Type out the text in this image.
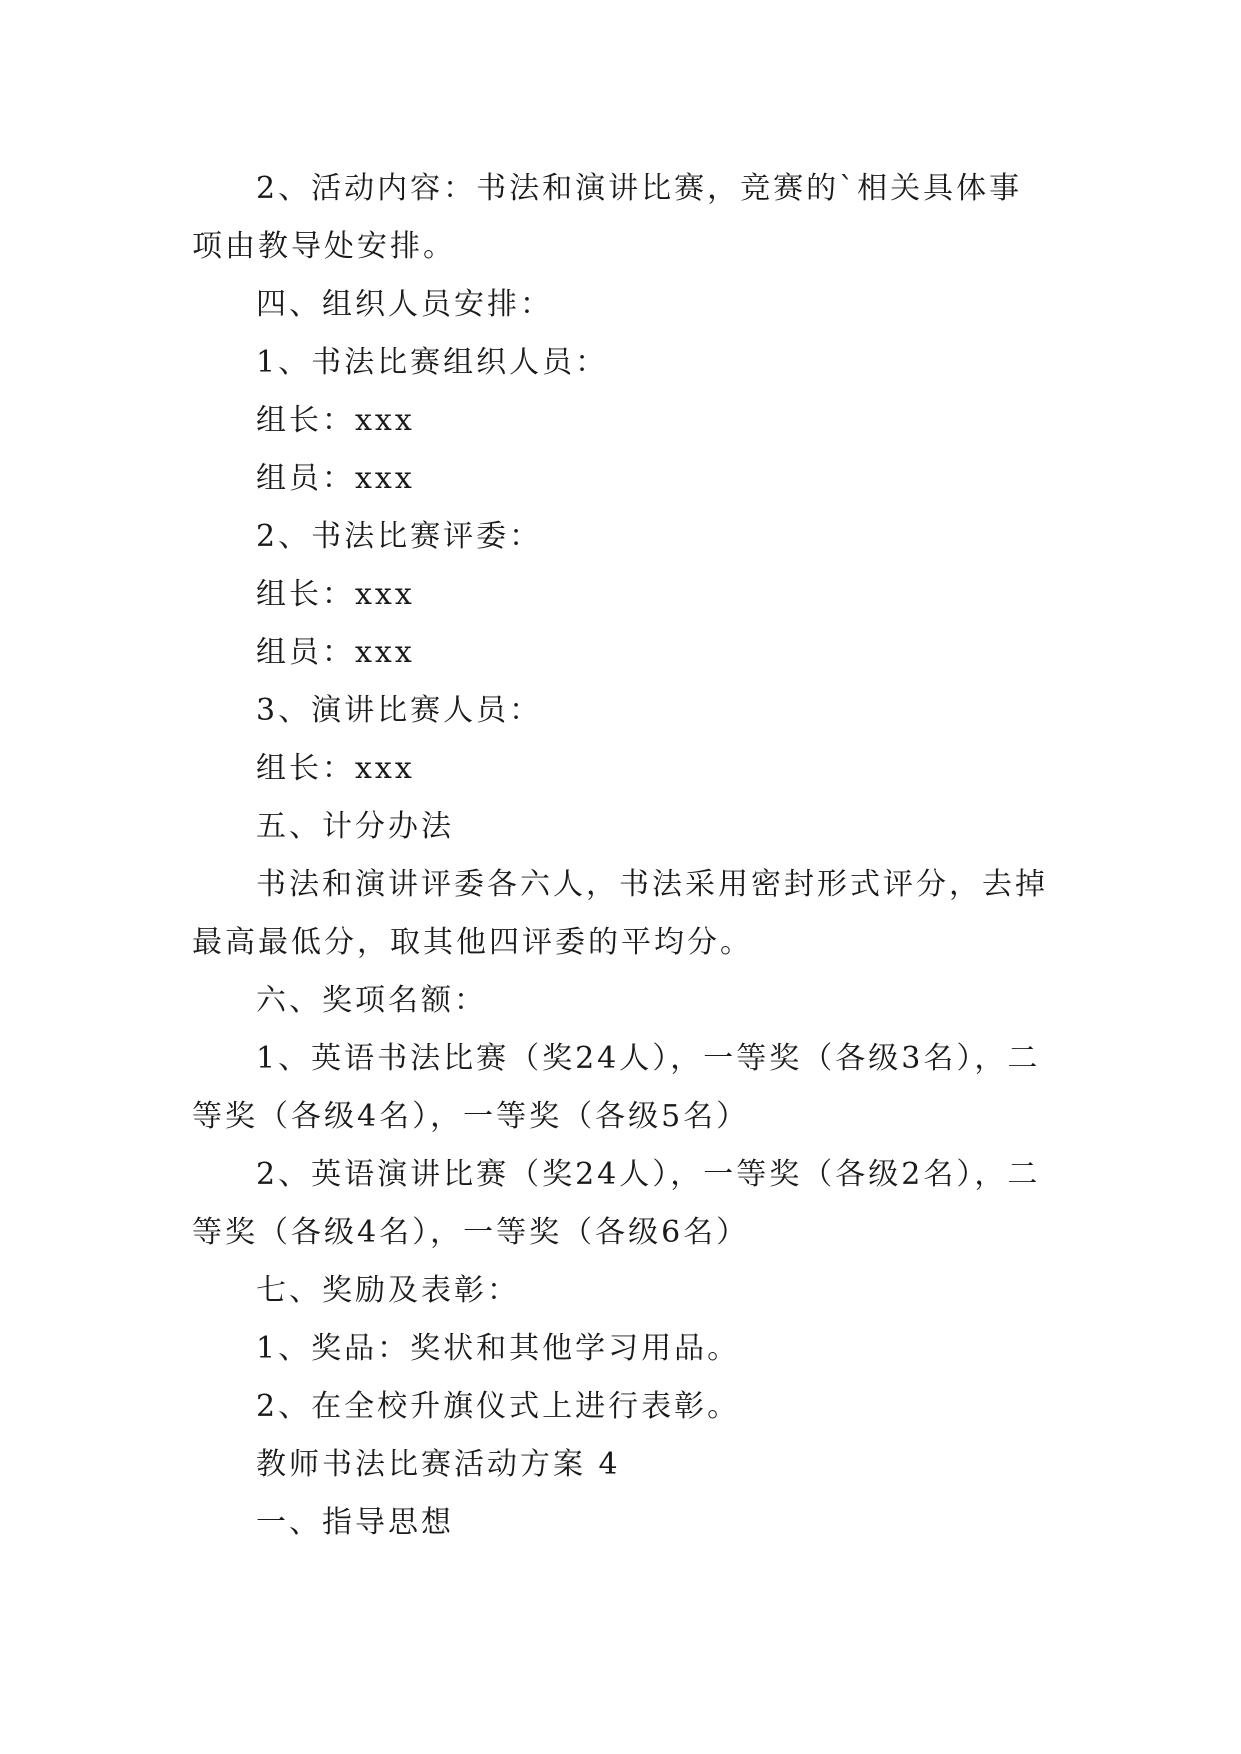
2、活动内容：书法和演讲比赛，竞赛的`相关具体事项由教导处安排。

四、组织人员安排：

1、书法比赛组织人员：

组长：xxx

组员：xxx

2、书法比赛评委：

组长：xxx

组员：xxx

3、演讲比赛人员：

组长：xxx

五、计分办法

书法和演讲评委各六人，书法采用密封形式评分，去掉最高最低分，取其他四评委的平均分。

六、奖项名额：

1、英语书法比赛（奖24人），一等奖（各级3名），二等奖（各级4名），一等奖（各级5名）

2、英语演讲比赛（奖24人），一等奖（各级2名），二等奖（各级4名），一等奖（各级6名）

七、奖励及表彰：

1、奖品：奖状和其他学习用品。

2、在全校升旗仪式上进行表彰。

教师书法比赛活动方案 4

一、指导思想
